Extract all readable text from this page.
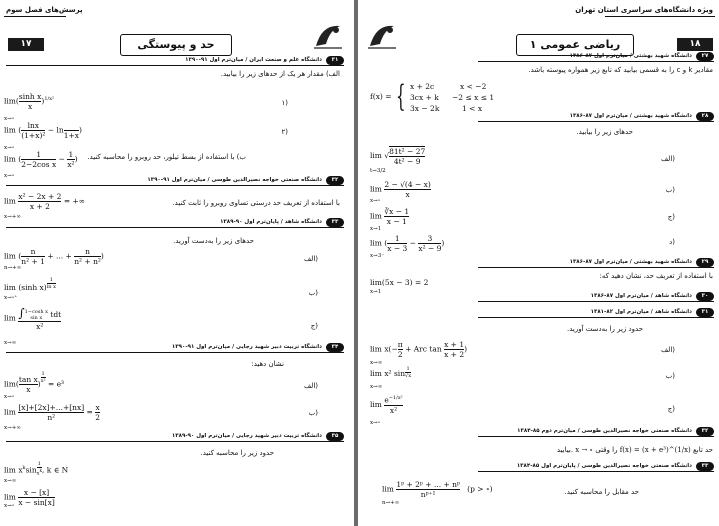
پرسش‌های فصل سوم
۱۷	حد و پیوستگی
دانشگاه علم و صنعت ایران / میان‌ترم اول ۹۱-۱۳۹۰	۳۱
الف) مقدار هر یک از حدهای زیر را بیابید.
$\lim( \frac{\text{sinh x}}{x} )^{1/x^2}$
x→∘
۱)
lim ( $\frac{\ln x}{\text{(1+x)²}} - \ln$

1+x
)
x→∘
۲)
lim ( $\frac{1}{\text{2−2cos x}} - \frac{1}{\text{x²}}$ )
x→∘
ب) با استفاده از بسط تیلور، حد روبرو را محاسبه کنید.
دانشگاه صنعتی خواجه نصیرالدین طوسی / میان‌ترم اول ۹۱-۱۳۹۰	۳۲
با استفاده از تعریف حد درستی تساوی روبرو را ثابت کنید.
$\lim \frac{\text{x² − 2x + 2}}{x + 2}$ = +∞
x→+∞
دانشگاه شاهد / پایان‌ترم اول ۹۰-۱۳۸۹	۳۳
حدهای زیر را به‌دست آورید.
lim ( $\frac{n}{\text{n² + 1}}$ + ... + $\frac{n}{\text{n² + n²}}$ )
n→+∞
الف)
lim (sinh $x) \frac{1}{\text{ln x}}$
x→∘⁺
ب)
lim ∫ 1−cosh x
sin x	tdt
x²
x→∞
ج)
دانشگاه تربیت دبیر شهید رجایی / میان‌ترم اول ۹۱-۱۳۹۰	۳۴
نشان دهید:
$\lim( \frac{\text{tan x}}{x}$ ) $\frac{1}{\text{x²}} = e^3$
x→∘
الف)
$\lim \frac{[x]+[2x]+...+[nx]}{\text{n²}} = \frac{x}{2}$
x→+∞
ب)
دانشگاه تربیت دبیر شهید رجایی / میان‌ترم اول ۹۰-۱۳۸۹	۳۵
حدود زیر را محاسبه کنید.
$\lim x^k\sin \frac{1}{x^k}$ , k ∈ N
x→∞
$\lim \frac{x - [x]}{x - \sin[x]}$
x→∘
ویژه دانشگاه‌های سراسری استان تهران
۱۸
ریاضی عمومی ۱
دانشگاه شهید بهشتی / میان‌ترم اول ۸۷-۱۳۸۶	۲۷
مقادیر k و c را به قسمی بیابید که تابع زیر همواره پیوسته باشد.
f(x) = { x + 2c	x < −2
3cx + k −2 ≤ x ≤ 1
3x − 2k	1 < x
دانشگاه شهید بهشتی / میان‌ترم اول ۸۷-۱۳۸۶	۲۸
حدهای زیر را بیابید.
lim √ $\frac{\text{81t² − 27}}{\text{4t² − 9}}$
t→3/2
الف)
$\lim \frac{2 - √(4 - x)}{x}$
x→∘
ب)
$\lim \frac{∛x - 1}{x - 1}$
x→1
ج)
lim ( $\frac{1}{x - 3} - \frac{3}{\text{x² − 9}}$ )
x→3⁻
د)
دانشگاه شهید بهشتی / میان‌ترم اول ۸۷-۱۳۸۶	۲۹
با استفاده از تعریف حد، نشان دهید که:
lim(5x − 3) = 2
x→1
دانشگاه شاهد / میان‌ترم اول ۸۷-۱۳۸۶	۳۰
دانشگاه شاهد / میان‌ترم اول ۸۲-۱۳۸۱	۳۱
حدود زیر را به‌دست آورید.
$\lim x(- \frac{\pi}{2}$ + Arc $\tan \frac{x + 1}{x + 2}$ )
x→∞
الف)
lim x² $\sin \frac{1}{√x}$
x→∞
ب)
$\lim \frac{e^{-1/x^2}}{\text{x²}}$
x→∘
ج)
دانشگاه صنعتی خواجه نصیرالدین طوسی / میان‌ترم دوم ۸۵-۱۳۸۴	۳۲
بیابید. x → ∘ را وقتی f(x) = (x + e³)^(1/x) حد تابع
دانشگاه صنعتی خواجه نصیرالدین طوسی / پایان‌ترم اول ۸۵-۱۳۸۴	۳۳
حد مقابل را محاسبه کنید.
$\lim \frac{\text{1ᵖ + 2ᵖ + ... + nᵖ}}{\text{nᵖ⁺¹}} (p$ > ∘)
n→+∞
